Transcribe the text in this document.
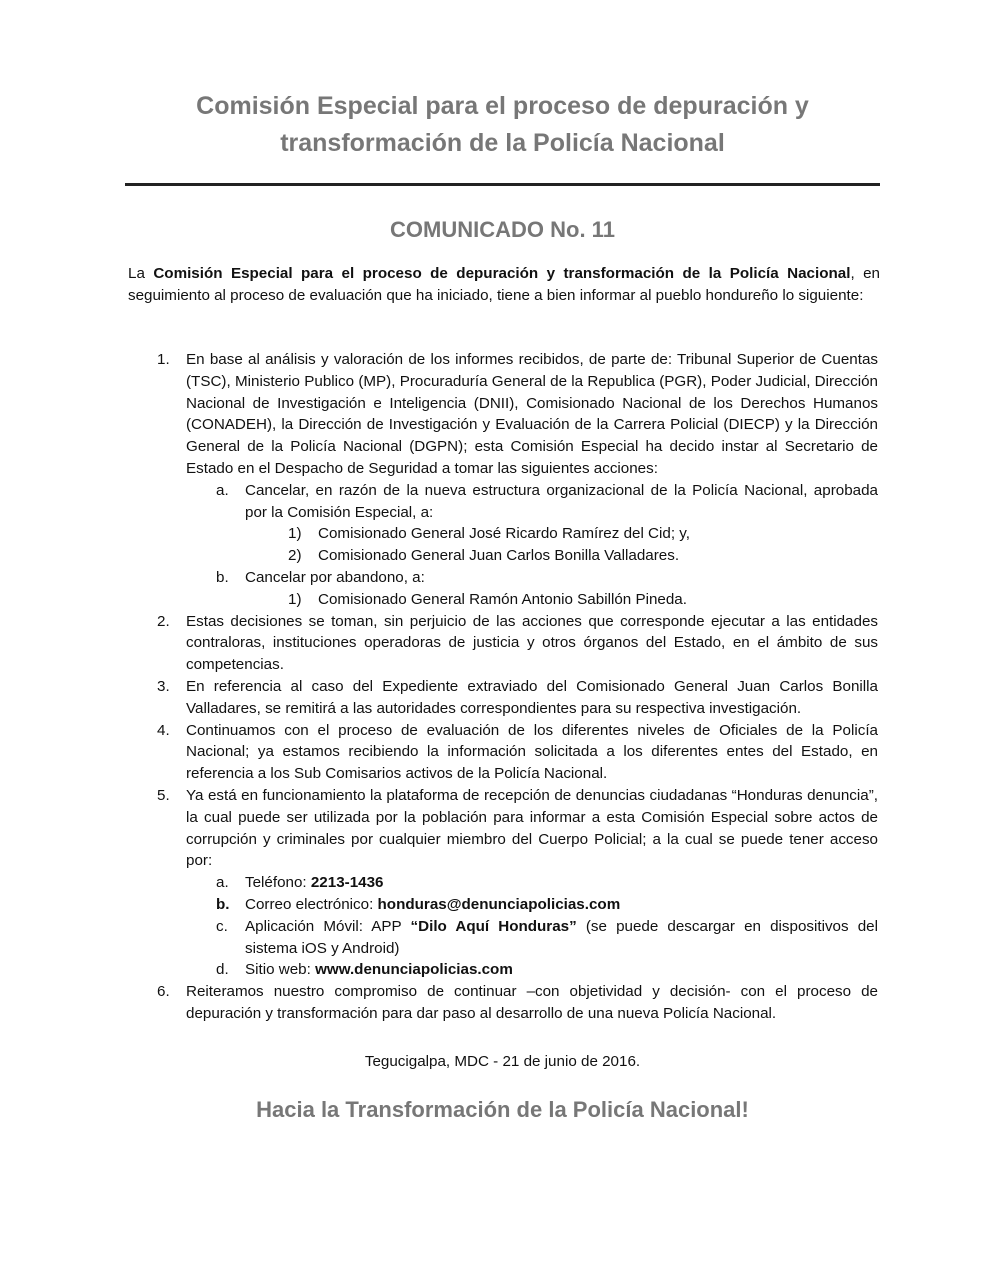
Comisión Especial para el proceso de depuración y
transformación de la Policía Nacional
COMUNICADO No. 11
La Comisión Especial para el proceso de depuración y transformación de la Policía Nacional, en seguimiento al proceso de evaluación que ha iniciado, tiene a bien informar al pueblo hondureño lo siguiente:
1. En base al análisis y valoración de los informes recibidos, de parte de: Tribunal Superior de Cuentas (TSC), Ministerio Publico (MP), Procuraduría General de la Republica (PGR), Poder Judicial, Dirección Nacional de Investigación e Inteligencia (DNII), Comisionado Nacional de los Derechos Humanos (CONADEH), la Dirección de Investigación y Evaluación de la Carrera Policial (DIECP) y la Dirección General de la Policía Nacional (DGPN); esta Comisión Especial ha decido instar al Secretario de Estado en el Despacho de Seguridad a tomar las siguientes acciones:
a. Cancelar, en razón de la nueva estructura organizacional de la Policía Nacional, aprobada por la Comisión Especial, a:
1) Comisionado General José Ricardo Ramírez del Cid; y,
2) Comisionado General Juan Carlos Bonilla Valladares.
b. Cancelar por abandono, a:
1) Comisionado General Ramón Antonio Sabillón Pineda.
2. Estas decisiones se toman, sin perjuicio de las acciones que corresponde ejecutar a las entidades contraloras, instituciones operadoras de justicia y otros órganos del Estado, en el ámbito de sus competencias.
3. En referencia al caso del Expediente extraviado del Comisionado General Juan Carlos Bonilla Valladares, se remitirá a las autoridades correspondientes para su respectiva investigación.
4. Continuamos con el proceso de evaluación de los diferentes niveles de Oficiales de la Policía Nacional; ya estamos recibiendo la información solicitada a los diferentes entes del Estado, en referencia a los Sub Comisarios activos de la Policía Nacional.
5. Ya está en funcionamiento la plataforma de recepción de denuncias ciudadanas “Honduras denuncia”, la cual puede ser utilizada por la población para informar a esta Comisión Especial sobre actos de corrupción y criminales por cualquier miembro del Cuerpo Policial; a la cual se puede tener acceso por:
a. Teléfono: 2213-1436
b. Correo electrónico: honduras@denunciapolicias.com
c. Aplicación Móvil: APP “Dilo Aquí Honduras” (se puede descargar en dispositivos del sistema iOS y Android)
d. Sitio web: www.denunciapolicias.com
6. Reiteramos nuestro compromiso de continuar –con objetividad y decisión- con el proceso de depuración y transformación para dar paso al desarrollo de una nueva Policía Nacional.
Tegucigalpa, MDC - 21 de junio de 2016.
Hacia la Transformación de la Policía Nacional!
